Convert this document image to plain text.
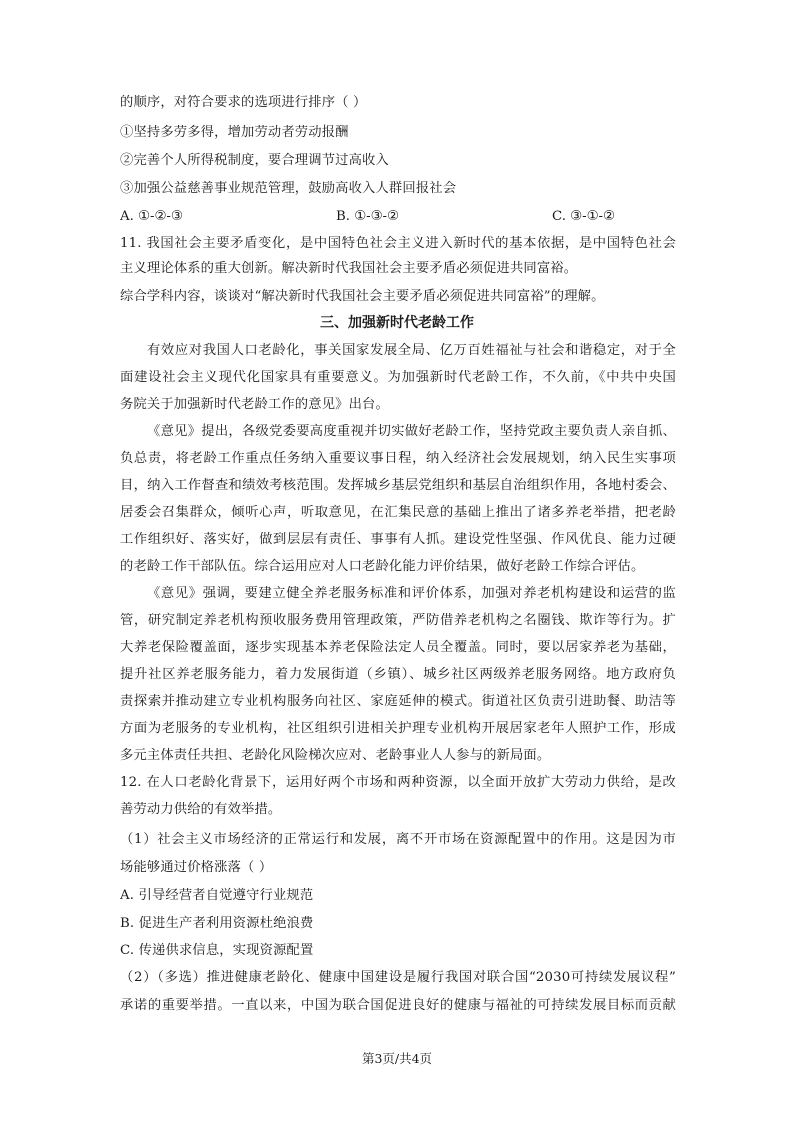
的顺序，对符合要求的选项进行排序（ ）
①坚持多劳多得，增加劳动者劳动报酬
②完善个人所得税制度，要合理调节过高收入
③加强公益慈善事业规范管理，鼓励高收入人群回报社会
A. ①-②-③	B. ①-③-②	C. ③-①-②
11. 我国社会主要矛盾变化，是中国特色社会主义进入新时代的基本依据，是中国特色社会
主义理论体系的重大创新。解决新时代我国社会主要矛盾必须促进共同富裕。
综合学科内容，谈谈对“解决新时代我国社会主要矛盾必须促进共同富裕”的理解。
三、加强新时代老龄工作
有效应对我国人口老龄化，事关国家发展全局、亿万百姓福祉与社会和谐稳定，对于全
面建设社会主义现代化国家具有重要意义。为加强新时代老龄工作，不久前，《中共中央国
务院关于加强新时代老龄工作的意见》出台。
《意见》提出，各级党委要高度重视并切实做好老龄工作，坚持党政主要负责人亲自抓、
负总责，将老龄工作重点任务纳入重要议事日程，纳入经济社会发展规划，纳入民生实事项
目，纳入工作督查和绩效考核范围。发挥城乡基层党组织和基层自治组织作用，各地村委会、
居委会召集群众，倾听心声，听取意见，在汇集民意的基础上推出了诸多养老举措，把老龄
工作组织好、落实好，做到层层有责任、事事有人抓。建设党性坚强、作风优良、能力过硬
的老龄工作干部队伍。综合运用应对人口老龄化能力评价结果，做好老龄工作综合评估。
《意见》强调，要建立健全养老服务标准和评价体系，加强对养老机构建设和运营的监
管，研究制定养老机构预收服务费用管理政策，严防借养老机构之名圈钱、欺诈等行为。扩
大养老保险覆盖面，逐步实现基本养老保险法定人员全覆盖。同时，要以居家养老为基础，
提升社区养老服务能力，着力发展街道（乡镇）、城乡社区两级养老服务网络。地方政府负
责探索并推动建立专业机构服务向社区、家庭延伸的模式。街道社区负责引进助餐、助洁等
方面为老服务的专业机构，社区组织引进相关护理专业机构开展居家老年人照护工作，形成
多元主体责任共担、老龄化风险梯次应对、老龄事业人人参与的新局面。
12. 在人口老龄化背景下，运用好两个市场和两种资源，以全面开放扩大劳动力供给，是改
善劳动力供给的有效举措。
（1）社会主义市场经济的正常运行和发展，离不开市场在资源配置中的作用。这是因为市
场能够通过价格涨落（ ）
A. 引导经营者自觉遵守行业规范
B. 促进生产者利用资源杜绝浪费
C. 传递供求信息，实现资源配置
（2）（多选）推进健康老龄化、健康中国建设是履行我国对联合国“2030可持续发展议程”
承诺的重要举措。一直以来，中国为联合国促进良好的健康与福祉的可持续发展目标而贡献
第3页/共4页
